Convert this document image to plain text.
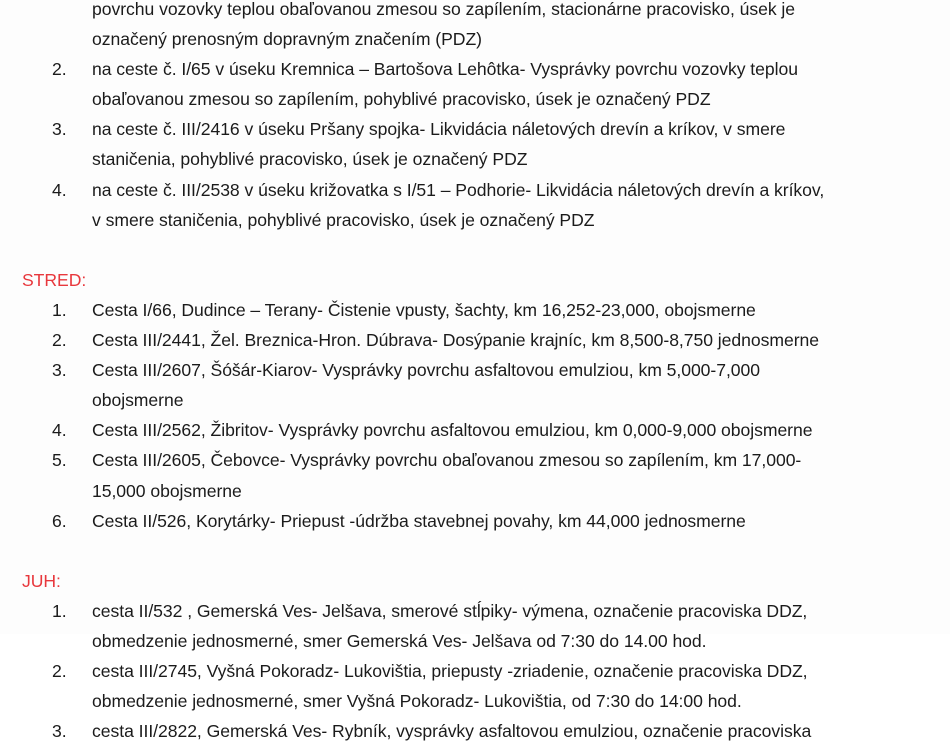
povrchu vozovky teplou obaľovanou zmesou so zapílením, stacionárne pracovisko, úsek je
označený prenosným dopravným značením (PDZ)
2.	na ceste č. I/65 v úseku Kremnica – Bartošova Lehôtka- Vysprávky povrchu vozovky teplou
obaľovanou zmesou so zapílením, pohyblivé pracovisko, úsek je označený PDZ
3.	na ceste č. III/2416 v úseku Pršany spojka- Likvidácia náletových drevín a kríkov, v smere
staničenia, pohyblivé pracovisko, úsek je označený PDZ
4.	na ceste č. III/2538 v úseku križovatka s I/51 – Podhorie- Likvidácia náletových drevín a kríkov,
v smere staničenia, pohyblivé pracovisko, úsek je označený PDZ

STRED:

1.	Cesta I/66, Dudince – Terany- Čistenie vpusty, šachty, km 16,252-23,000, obojsmerne
2.	Cesta III/2441, Žel. Breznica-Hron. Dúbrava- Dosýpanie krajníc, km 8,500-8,750 jednosmerne
3.	Cesta III/2607, Šóšár-Kiarov- Vysprávky povrchu asfaltovou emulziou, km 5,000-7,000
obojsmerne
4.	Cesta III/2562, Žibritov- Vysprávky povrchu asfaltovou emulziou, km 0,000-9,000 obojsmerne
5.	Cesta III/2605, Čebovce- Vysprávky povrchu obaľovanou zmesou so zapílením, km 17,000-
15,000 obojsmerne
6.	Cesta II/526, Korytárky- Priepust -údržba stavebnej povahy, km 44,000 jednosmerne

JUH:

1.	cesta II/532 , Gemerská Ves- Jelšava, smerové stĺpiky- výmena, označenie pracoviska DDZ,
obmedzenie jednosmerné, smer Gemerská Ves- Jelšava od 7:30 do 14.00 hod.
2.	cesta III/2745, Vyšná Pokoradz- Lukovištia, priepusty -zriadenie, označenie pracoviska DDZ,
obmedzenie jednosmerné, smer Vyšná Pokoradz- Lukovištia, od 7:30 do 14:00 hod.
3.	cesta III/2822, Gemerská Ves- Rybník, vysprávky asfaltovou emulziou, označenie pracoviska
